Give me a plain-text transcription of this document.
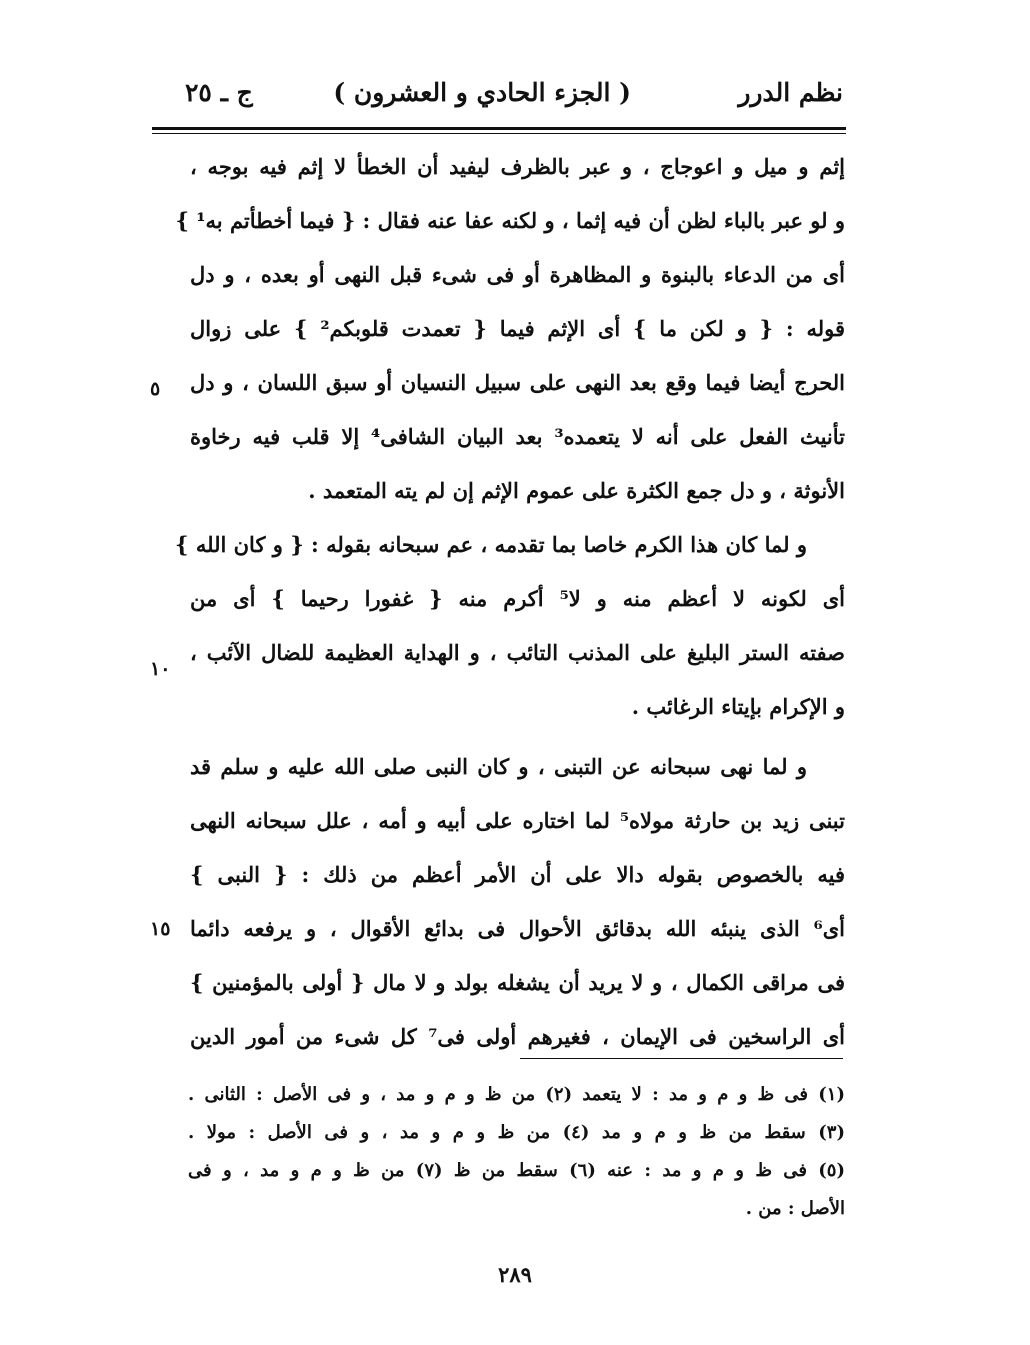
نظم الدرر
( الجزء الحادي و العشرون )
ج ـ ٢٥
إثم و ميل و اعوجاج ، و عبر بالظرف ليفيد أن الخطأ لا إثم فيه بوجه ،
و لو عبر بالباء لظن أن فيه إثما ، و لكنه عفا عنه فقال : { فيما أخطأتم به¹ }
أى من الدعاء بالبنوة و المظاهرة أو فى شىء قبل النهى أو بعده ، و دل
قوله : { و لكن ما } أى الإثم فيما { تعمدت قلوبكم² } على زوال
الحرج أيضا فيما وقع بعد النهى على سبيل النسيان أو سبق اللسان ، و دل
تأنيث الفعل على أنه لا يتعمده³ بعد البيان الشافى⁴ إلا قلب فيه رخاوة
الأنوثة ، و دل جمع الكثرة على عموم الإثم إن لم يته المتعمد .
و لما كان هذا الكرم خاصا بما تقدمه ، عم سبحانه بقوله : { و كان الله }
أى لكونه لا أعظم منه و لا⁵ أكرم منه { غفورا رحيما } أى من
صفته الستر البليغ على المذنب التائب ، و الهداية العظيمة للضال الآئب ،
و الإكرام بإيتاء الرغائب .
و لما نهى سبحانه عن التبنى ، و كان النبى صلى الله عليه و سلم قد
تبنى زيد بن حارثة مولاه⁵ لما اختاره على أبيه و أمه ، علل سبحانه النهى
فيه بالخصوص بقوله دالا على أن الأمر أعظم من ذلك : { النبى }
أى⁶ الذى ينبئه الله بدقائق الأحوال فى بدائع الأقوال ، و يرفعه دائما
فى مراقى الكمال ، و لا يريد أن يشغله بولد و لا مال { أولى بالمؤمنين }
أى الراسخين فى الإيمان ، فغيرهم أولى فى⁷ كل شىء من أمور الدين
٥
١٠
١٥
(١) فى ظ و م و مد : لا يتعمد (٢) من ظ و م و مد ، و فى الأصل : الثانى .
(٣) سقط من ظ و م و مد (٤) من ظ و م و مد ، و فى الأصل : مولا .
(٥) فى ظ و م و مد : عنه (٦) سقط من ظ (٧) من ظ و م و مد ، و فى
الأصل : من .
٢٨٩
